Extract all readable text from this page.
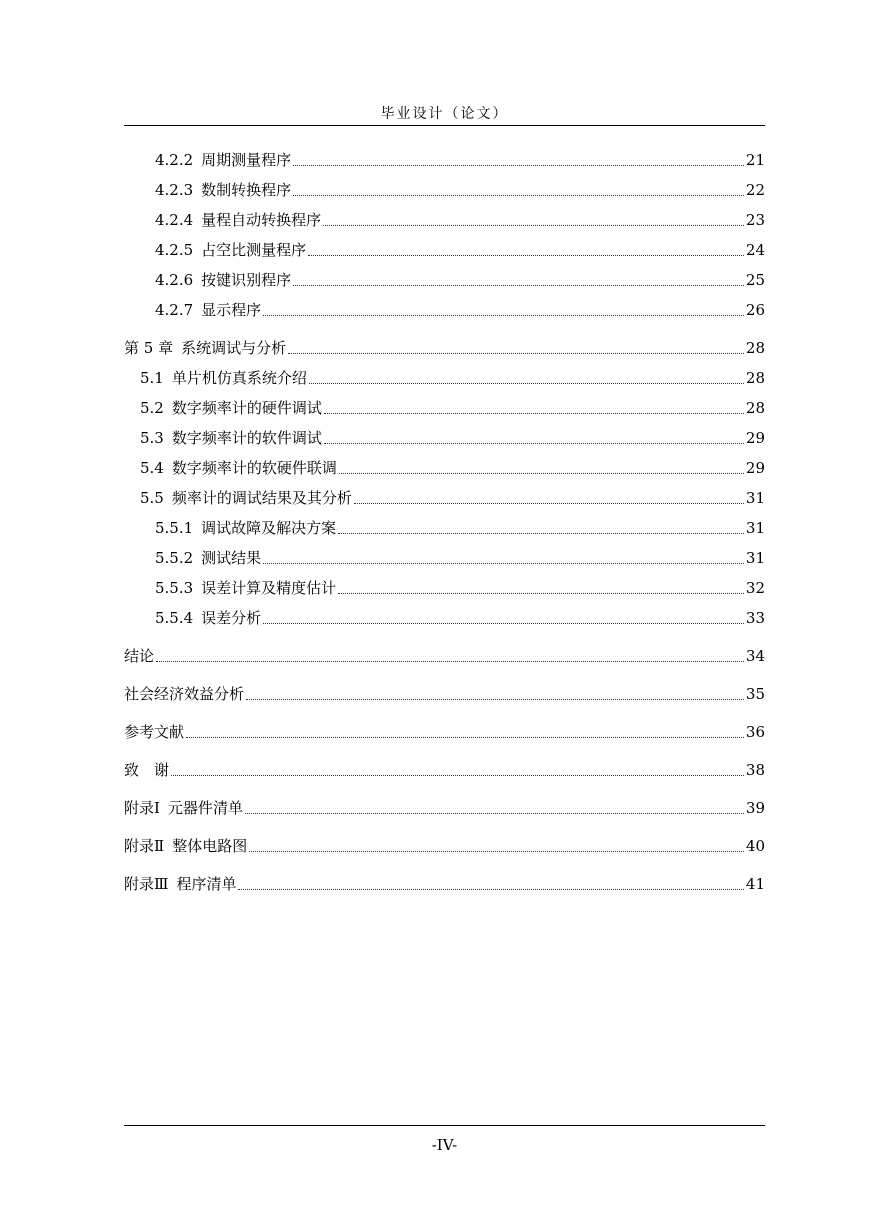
毕业设计（论文）
4.2.2 周期测量程序	21
4.2.3 数制转换程序	22
4.2.4 量程自动转换程序	23
4.2.5 占空比测量程序	24
4.2.6 按键识别程序	25
4.2.7 显示程序	26
第 5 章 系统调试与分析	28
5.1 单片机仿真系统介绍	28
5.2 数字频率计的硬件调试	28
5.3 数字频率计的软件调试	29
5.4 数字频率计的软硬件联调	29
5.5 频率计的调试结果及其分析	31
5.5.1 调试故障及解决方案	31
5.5.2 测试结果	31
5.5.3 误差计算及精度估计	32
5.5.4 误差分析	33
结论	34
社会经济效益分析	35
参考文献	36
致　谢	38
附录Ⅰ 元器件清单	39
附录Ⅱ 整体电路图	40
附录Ⅲ 程序清单	41
-IV-
